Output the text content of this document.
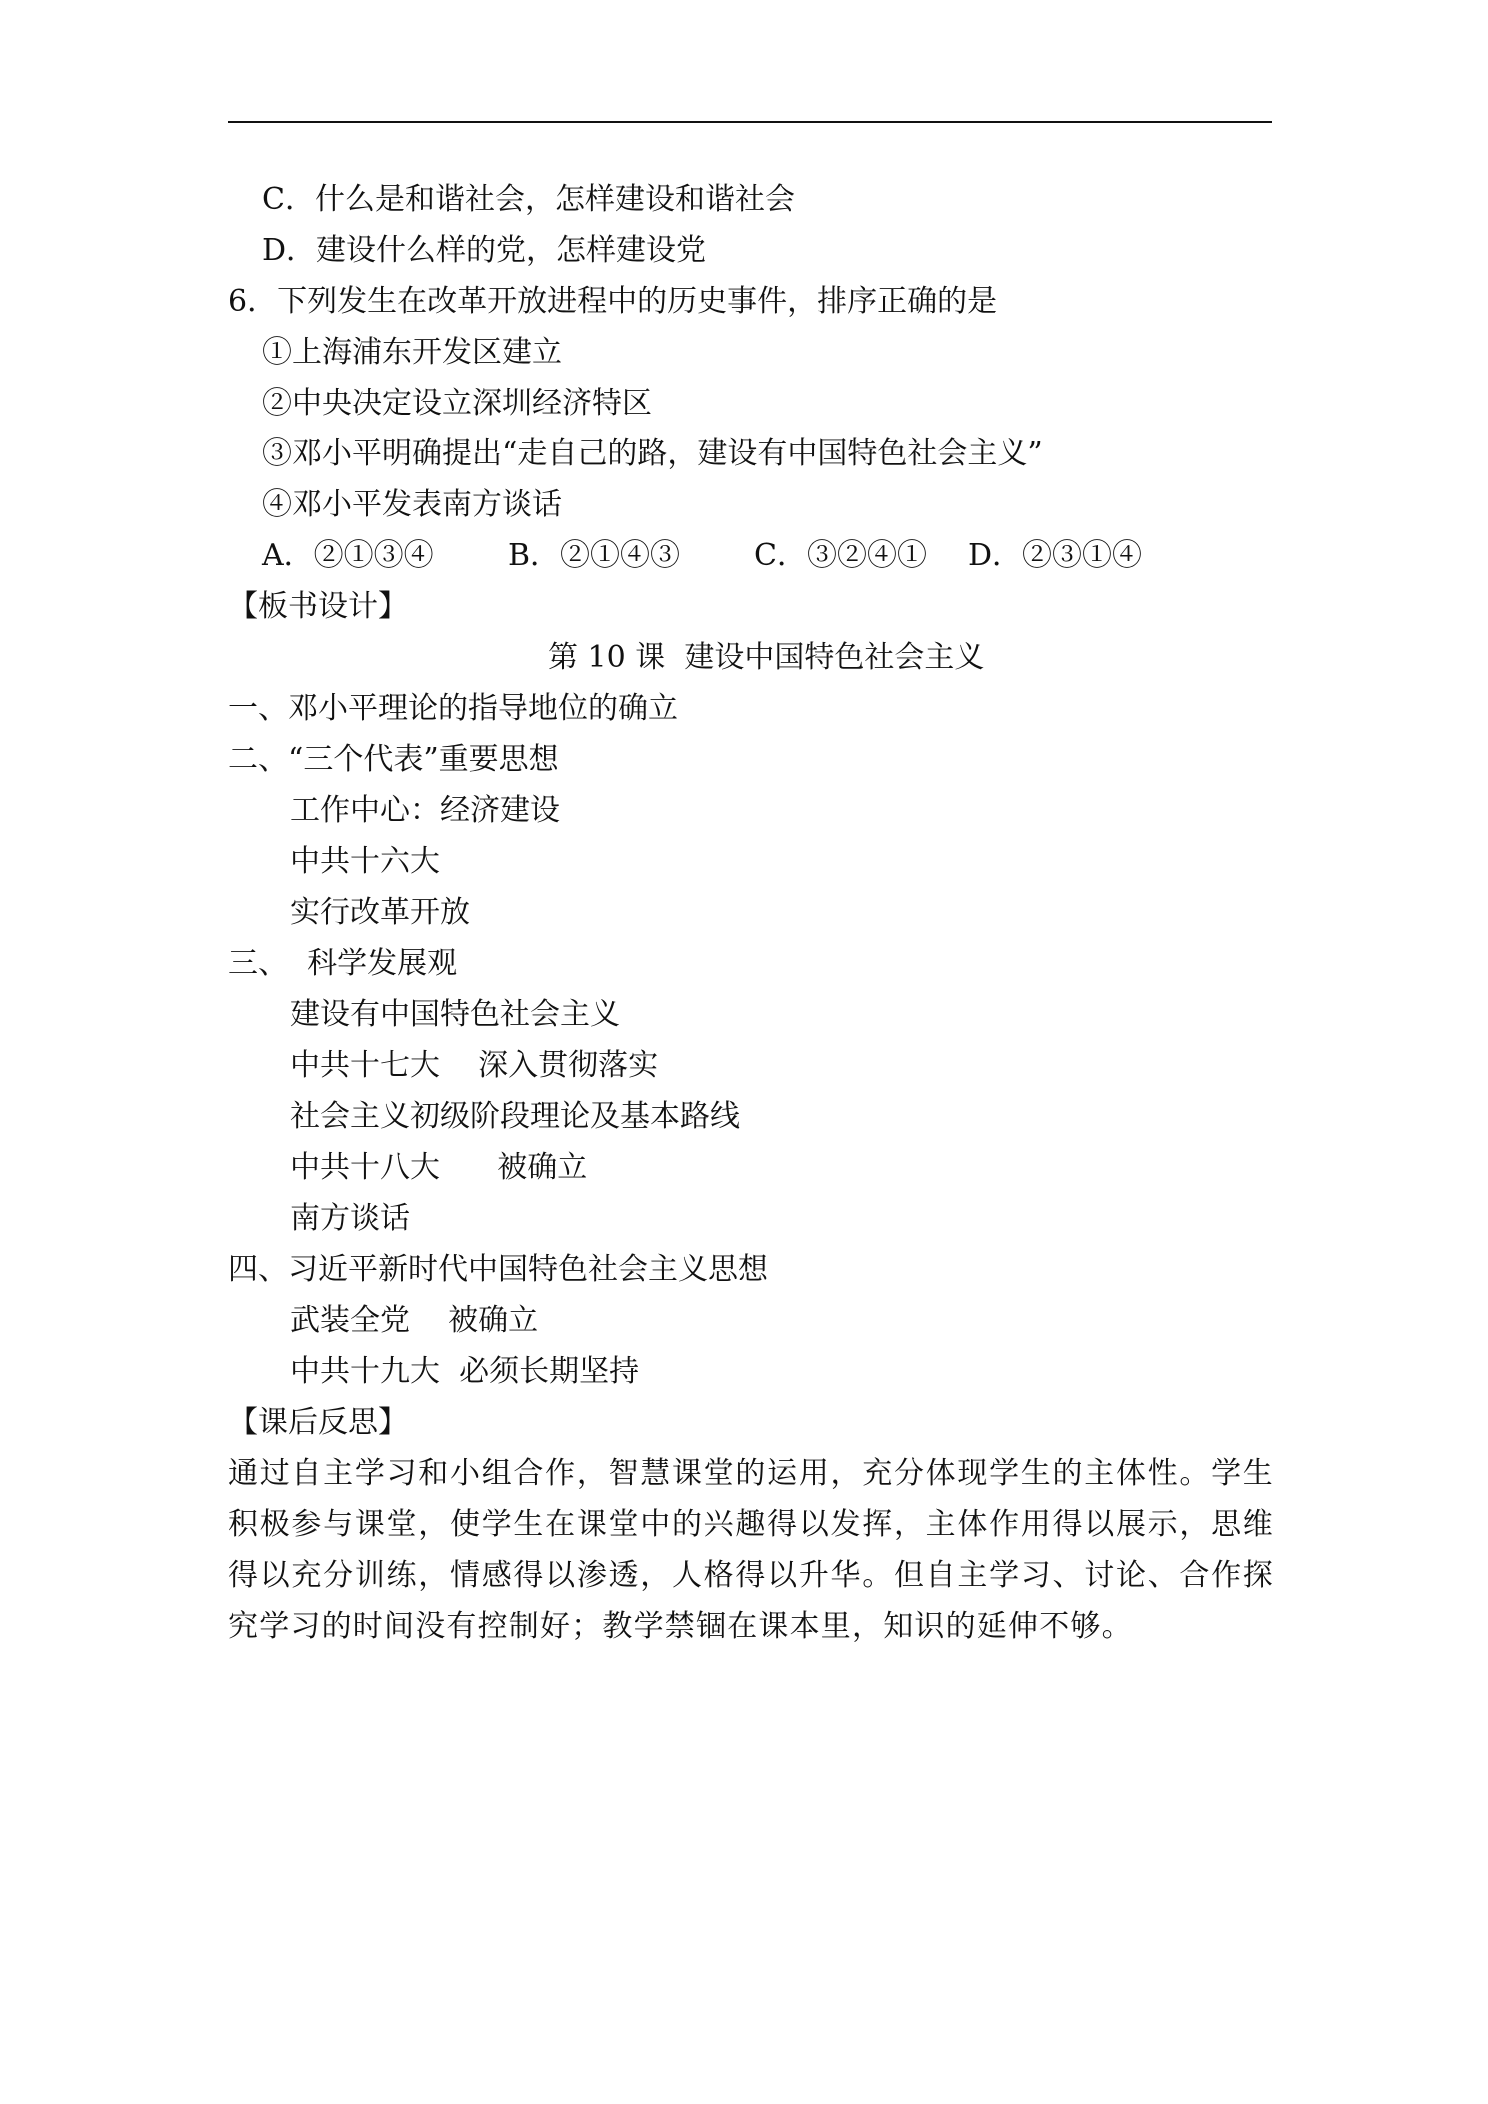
C．什么是和谐社会，怎样建设和谐社会
D．建设什么样的党，怎样建设党
6．下列发生在改革开放进程中的历史事件，排序正确的是
①上海浦东开发区建立
②中央决定设立深圳经济特区
③邓小平明确提出“走自己的路，建设有中国特色社会主义”
④邓小平发表南方谈话

A．②①③④

B．②①④③

C．③②④①

D．②③①④

【板书设计】
第 10 课  建设中国特色社会主义
一、邓小平理论的指导地位的确立
二、“三个代表”重要思想
工作中心：经济建设
中共十六大
实行改革开放
三、  科学发展观
建设有中国特色社会主义
中共十七大    深入贯彻落实
社会主义初级阶段理论及基本路线
中共十八大      被确立
南方谈话
四、习近平新时代中国特色社会主义思想
武装全党    被确立
中共十九大  必须长期坚持
【课后反思】
通过自主学习和小组合作，智慧课堂的运用，充分体现学生的主体性。学生积极参与课堂，使学生在课堂中的兴趣得以发挥，主体作用得以展示，思维得以充分训练，情感得以渗透，人格得以升华。但自主学习、讨论、合作探究学习的时间没有控制好；教学禁锢在课本里，知识的延伸不够。
